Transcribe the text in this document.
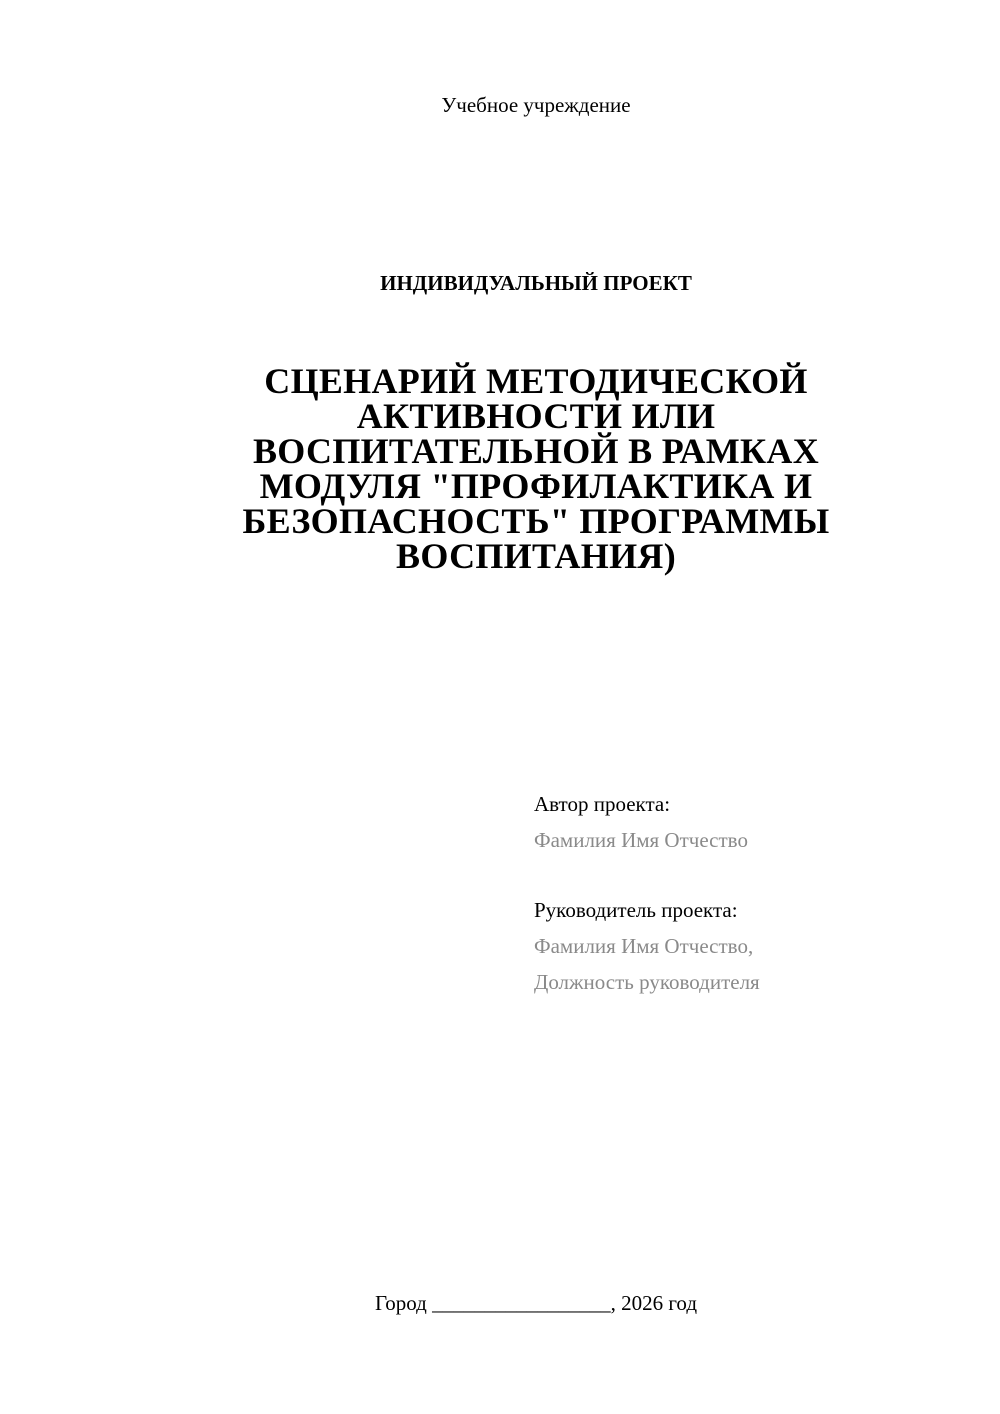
Учебное учреждение
ИНДИВИДУАЛЬНЫЙ ПРОЕКТ
СЦЕНАРИЙ МЕТОДИЧЕСКОЙ
АКТИВНОСТИ ИЛИ
ВОСПИТАТЕЛЬНОЙ В РАМКАХ
МОДУЛЯ "ПРОФИЛАКТИКА И
БЕЗОПАСНОСТЬ" ПРОГРАММЫ
ВОСПИТАНИЯ)
Автор проекта:
Фамилия Имя Отчество
Руководитель проекта:
Фамилия Имя Отчество,
Должность руководителя
Город _________________, 2026 год
